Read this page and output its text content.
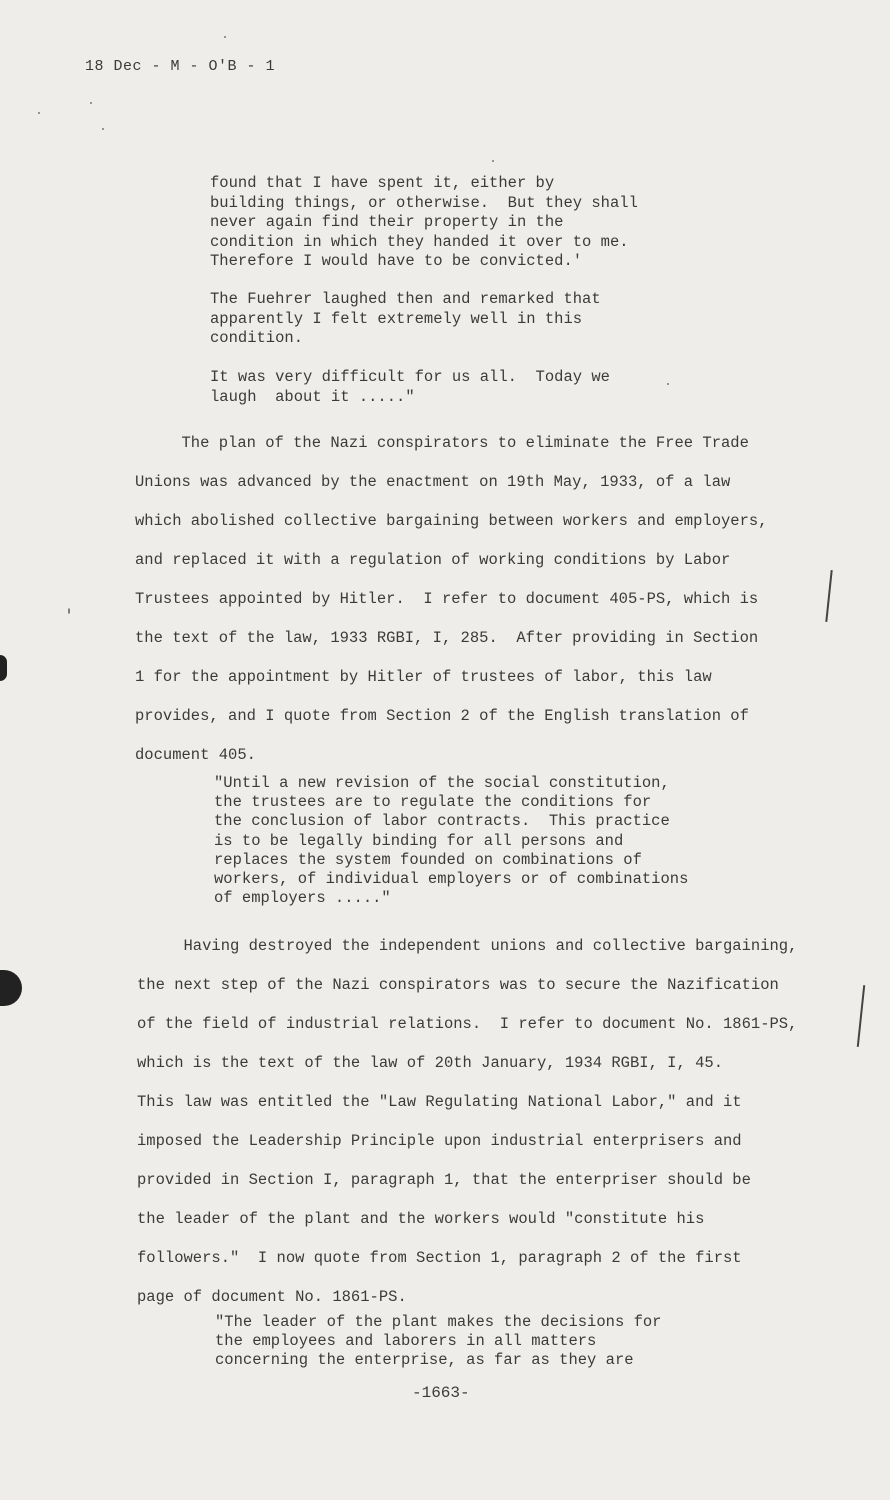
18 Dec - M - O'B - 1
found that I have spent it, either by
building things, or otherwise.  But they shall
never again find their property in the
condition in which they handed it over to me.
Therefore I would have to be convicted.'
The Fuehrer laughed then and remarked that
apparently I felt extremely well in this
condition.
It was very difficult for us all.  Today we
laugh  about it ....."
The plan of the Nazi conspirators to eliminate the Free Trade
Unions was advanced by the enactment on 19th May, 1933, of a law
which abolished collective bargaining between workers and employers,
and replaced it with a regulation of working conditions by Labor
Trustees appointed by Hitler.  I refer to document 405-PS, which is
the text of the law, 1933 RGBI, I, 285.  After providing in Section
1 for the appointment by Hitler of trustees of labor, this law
provides, and I quote from Section 2 of the English translation of
document 405.
"Until a new revision of the social constitution,
the trustees are to regulate the conditions for
the conclusion of labor contracts.  This practice
is to be legally binding for all persons and
replaces the system founded on combinations of
workers, of individual employers or of combinations
of employers ....."
Having destroyed the independent unions and collective bargaining,
the next step of the Nazi conspirators was to secure the Nazification
of the field of industrial relations.  I refer to document No. 1861-PS,
which is the text of the law of 20th January, 1934 RGBI, I, 45.
This law was entitled the "Law Regulating National Labor," and it
imposed the Leadership Principle upon industrial enterprisers and
provided in Section I, paragraph 1, that the enterpriser should be
the leader of the plant and the workers would "constitute his
followers."  I now quote from Section 1, paragraph 2 of the first
page of document No. 1861-PS.
"The leader of the plant makes the decisions for
the employees and laborers in all matters
concerning the enterprise, as far as they are
-1663-
